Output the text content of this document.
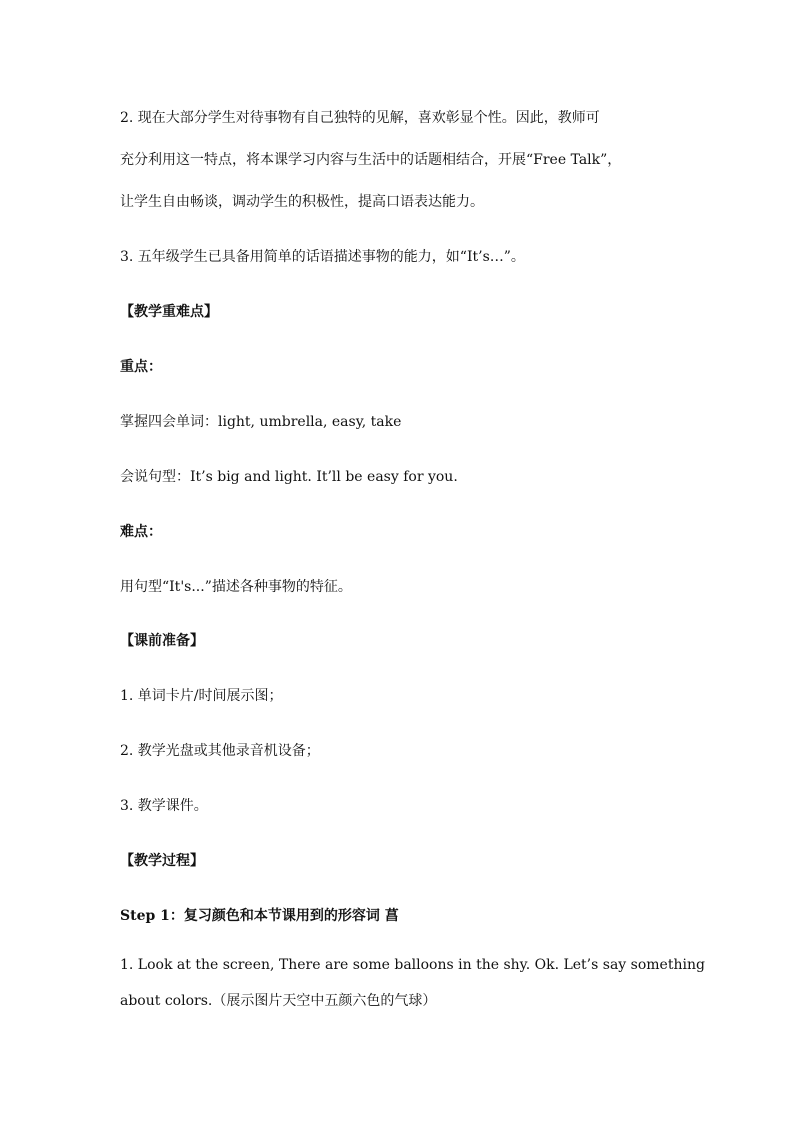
2. 现在大部分学生对待事物有自己独特的见解，喜欢彰显个性。因此，教师可
充分利用这一特点，将本课学习内容与生活中的话题相结合，开展“Free Talk”，
让学生自由畅谈，调动学生的积极性，提高口语表达能力。
3. 五年级学生已具备用简单的话语描述事物的能力，如“It’s…”。
【教学重难点】
重点：
掌握四会单词：light, umbrella, easy, take
会说句型：It’s big and light. It’ll be easy for you.
难点：
用句型“It's...”描述各种事物的特征。
【课前准备】
1. 单词卡片/时间展示图；
2. 教学光盘或其他录音机设备；
3. 教学课件。
【教学过程】
Step 1：复习颜色和本节课用到的形容词 菖
1. Look at the screen, There are some balloons in the shy. Ok. Let’s say something
about colors.（展示图片天空中五颜六色的气球）
